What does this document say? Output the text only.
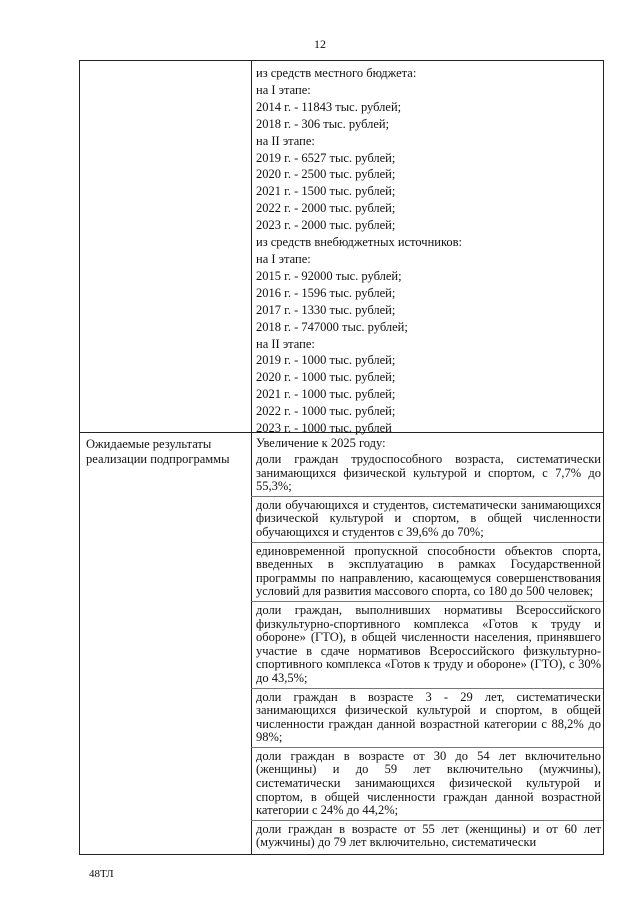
12
Ожидаемые результаты реализации подпрограммы
из средств местного бюджета:
на I этапе:
2014 г. - 11843 тыс. рублей;
2018 г. - 306 тыс. рублей;
на II этапе:
2019 г. - 6527 тыс. рублей;
2020 г. - 2500 тыс. рублей;
2021 г. - 1500 тыс. рублей;
2022 г. - 2000 тыс. рублей;
2023 г. - 2000 тыс. рублей;
из средств внебюджетных источников:
на I этапе:
2015 г. - 92000 тыс. рублей;
2016 г. - 1596 тыс. рублей;
2017 г. - 1330 тыс. рублей;
2018 г. - 747000 тыс. рублей;
на II этапе:
2019 г. - 1000 тыс. рублей;
2020 г. - 1000 тыс. рублей;
2021 г. - 1000 тыс. рублей;
2022 г. - 1000 тыс. рублей;
2023 г. - 1000 тыс. рублей
Увеличение к 2025 году:
доли граждан трудоспособного возраста, систематически занимающихся физической культурой и спортом, с 7,7% до 55,3%;
доли обучающихся и студентов, систематически занимающихся физической культурой и спортом, в общей численности обучающихся и студентов с 39,6% до 70%;
единовременной пропускной способности объектов спорта, введенных в эксплуатацию в рамках Государственной программы по направлению, касающемуся совершенствования условий для развития массового спорта, со 180 до 500 человек;
доли граждан, выполнивших нормативы Всероссийского физкультурно-спортивного комплекса «Готов к труду и обороне» (ГТО), в общей численности населения, принявшего участие в сдаче нормативов Всероссийского физкультурно-спортивного комплекса «Готов к труду и обороне» (ГТО), с 30% до 43,5%;
доли граждан в возрасте 3 - 29 лет, систематически занимающихся физической культурой и спортом, в общей численности граждан данной возрастной категории с 88,2% до 98%;
доли граждан в возрасте от 30 до 54 лет включительно (женщины) и до 59 лет включительно (мужчины), систематически занимающихся физической культурой и спортом, в общей численности граждан данной возрастной категории с 24% до 44,2%;
доли граждан в возрасте от 55 лет (женщины) и от 60 лет (мужчины) до 79 лет включительно, систематически
48ТЛ
